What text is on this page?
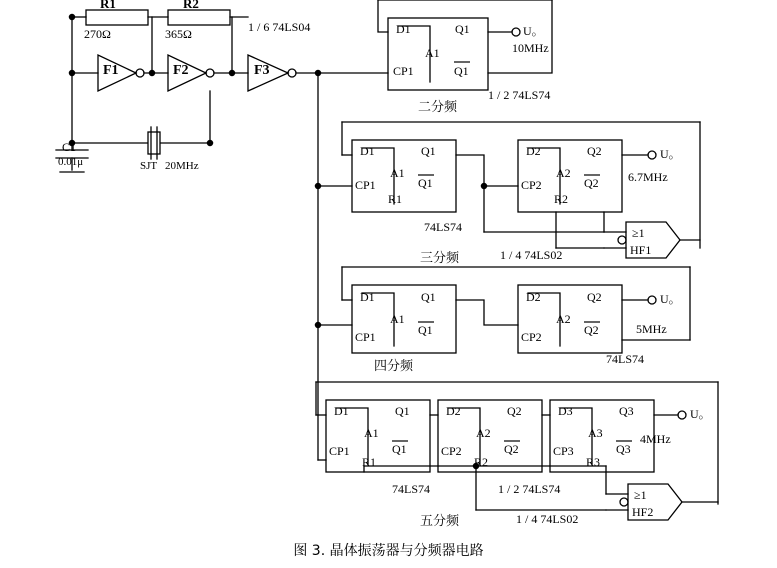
R1
270Ω
R2
365Ω
C1
0.01μ	SJT 20MHz
F1	F2	F3
1 / 6 74LS04	D1	Q1
A1
CP1	Q1
U。
10MHz
二分频
1 / 2 74LS74
D1	Q1
A1
CP1	Q1
R1
D2	Q2
A2
CP2	Q2
R2
U。
6.7MHz
74LS74
1 / 4 74LS02
三分频
≥1
HF1
D1	Q1
A1
CP1	Q1
D2	Q2
A2
CP2	Q2
U。
5MHz
四分频	74LS74
D1	Q1
A1
CP1	Q1
R1
D2	Q2
A2
CP2	Q2
R2
D3	Q3
A3
CP3	Q3
R3
U。
4MHz
74LS74	1 / 2 74LS74
1 / 4 74LS02
五分频
≥1
HF2
图 3. 晶体振荡器与分频器电路
